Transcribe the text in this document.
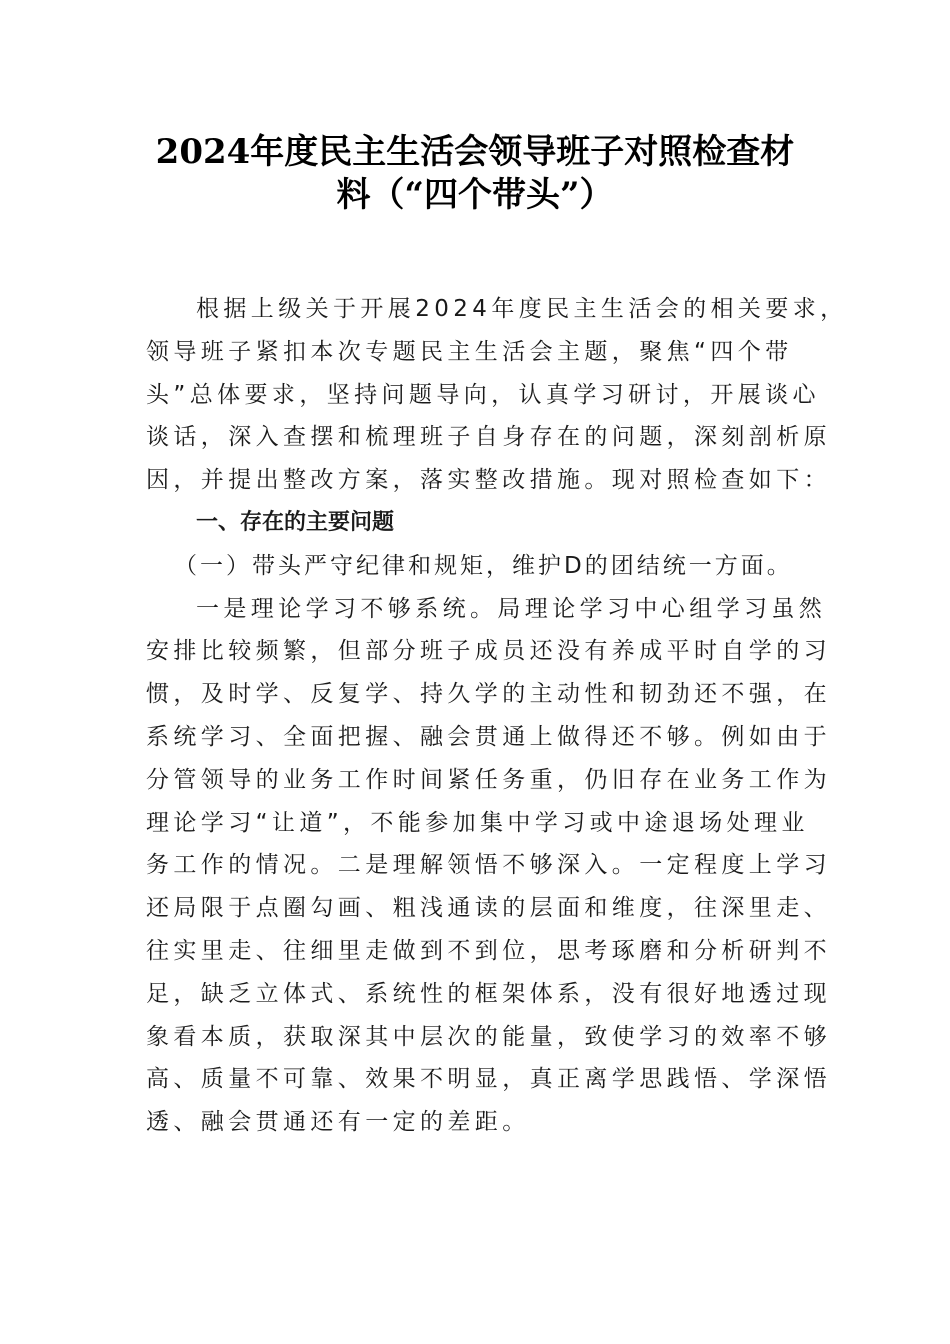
2024年度民主生活会领导班子对照检查材
料（“四个带头”）
根据上级关于开展2024年度民主生活会的相关要求，
领导班子紧扣本次专题民主生活会主题，聚焦“四个带
头”总体要求，坚持问题导向，认真学习研讨，开展谈心
谈话，深入查摆和梳理班子自身存在的问题，深刻剖析原
因，并提出整改方案，落实整改措施。现对照检查如下：
一、存在的主要问题
（一）带头严守纪律和规矩，维护D的团结统一方面。
一是理论学习不够系统。局理论学习中心组学习虽然
安排比较频繁，但部分班子成员还没有养成平时自学的习
惯，及时学、反复学、持久学的主动性和韧劲还不强，在
系统学习、全面把握、融会贯通上做得还不够。例如由于
分管领导的业务工作时间紧任务重，仍旧存在业务工作为
理论学习“让道”，不能参加集中学习或中途退场处理业
务工作的情况。二是理解领悟不够深入。一定程度上学习
还局限于点圈勾画、粗浅通读的层面和维度，往深里走、
往实里走、往细里走做到不到位，思考琢磨和分析研判不
足，缺乏立体式、系统性的框架体系，没有很好地透过现
象看本质，获取深其中层次的能量，致使学习的效率不够
高、质量不可靠、效果不明显，真正离学思践悟、学深悟
透、融会贯通还有一定的差距。
